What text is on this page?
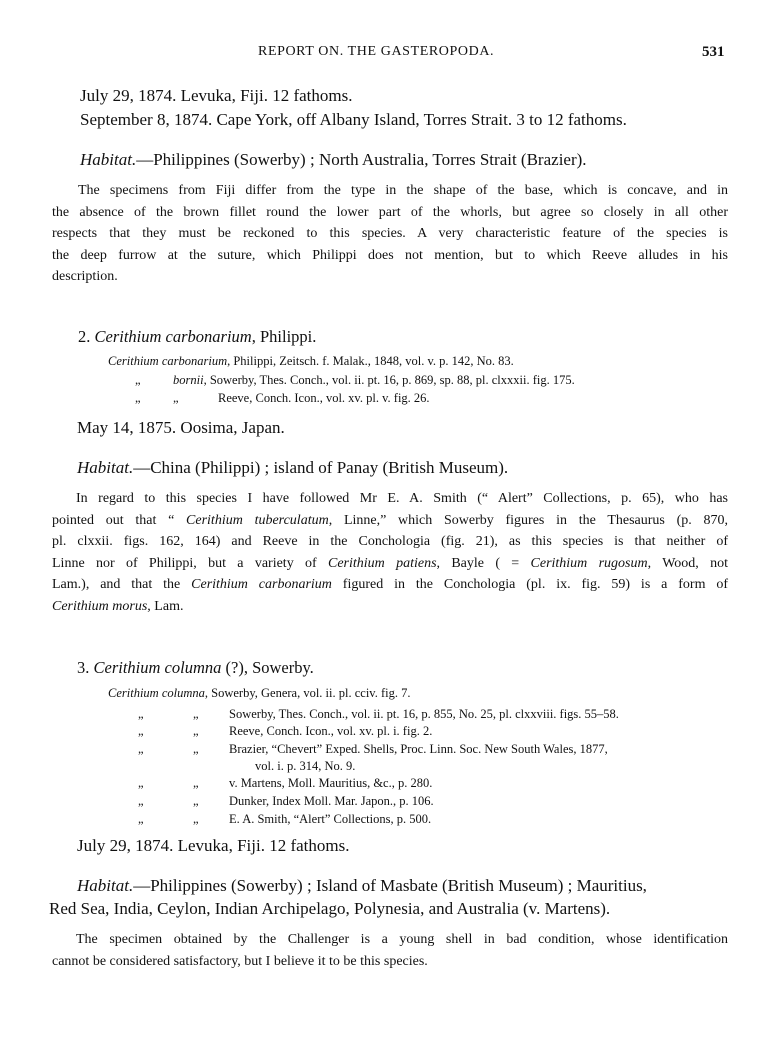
REPORT ON. THE GASTEROPODA.	531
July 29, 1874. Levuka, Fiji. 12 fathoms.
September 8, 1874. Cape York, off Albany Island, Torres Strait. 3 to 12 fathoms.
Habitat.—Philippines (Sowerby) ; North Australia, Torres Strait (Brazier).
The specimens from Fiji differ from the type in the shape of the base, which is concave, and in
the absence of the brown fillet round the lower part of the whorls, but agree so closely in all other
respects that they must be reckoned to this species. A very characteristic feature of the species is
the deep furrow at the suture, which Philippi does not mention, but to which Reeve alludes in his
description.
2. Cerithium carbonarium, Philippi.
Cerithium carbonarium, Philippi, Zeitsch. f. Malak., 1848, vol. v. p. 142, No. 83.
„	bornii, Sowerby, Thes. Conch., vol. ii. pt. 16, p. 869, sp. 88, pl. clxxxii. fig. 175.
„	„	Reeve, Conch. Icon., vol. xv. pl. v. fig. 26.
May 14, 1875. Oosima, Japan.
Habitat.—China (Philippi) ; island of Panay (British Museum).
In regard to this species I have followed Mr E. A. Smith (“ Alert” Collections, p. 65), who has
pointed out that “ Cerithium tuberculatum, Linne,” which Sowerby figures in the Thesaurus (p. 870,
pl. clxxii. figs. 162, 164) and Reeve in the Conchologia (fig. 21), as this species is that neither of
Linne nor of Philippi, but a variety of Cerithium patiens, Bayle ( = Cerithium rugosum, Wood, not
Lam.), and that the Cerithium carbonarium figured in the Conchologia (pl. ix. fig. 59) is a form of
Cerithium morus, Lam.
3. Cerithium columna (?), Sowerby.
Cerithium columna, Sowerby, Genera, vol. ii. pl. cciv. fig. 7.
„	„ Sowerby, Thes. Conch., vol. ii. pt. 16, p. 855, No. 25, pl. clxxviii. figs. 55–58.
„	„ Reeve, Conch. Icon., vol. xv. pl. i. fig. 2.
„	„ Brazier, “Chevert” Exped. Shells, Proc. Linn. Soc. New South Wales, 1877,
vol. i. p. 314, No. 9.
„	„ v. Martens, Moll. Mauritius, &c., p. 280.
„	„ Dunker, Index Moll. Mar. Japon., p. 106.
„	„ E. A. Smith, “Alert” Collections, p. 500.
July 29, 1874. Levuka, Fiji. 12 fathoms.
Habitat.—Philippines (Sowerby) ; Island of Masbate (British Museum) ; Mauritius,
Red Sea, India, Ceylon, Indian Archipelago, Polynesia, and Australia (v. Martens).
The specimen obtained by the Challenger is a young shell in bad condition, whose identification
cannot be considered satisfactory, but I believe it to be this species.
